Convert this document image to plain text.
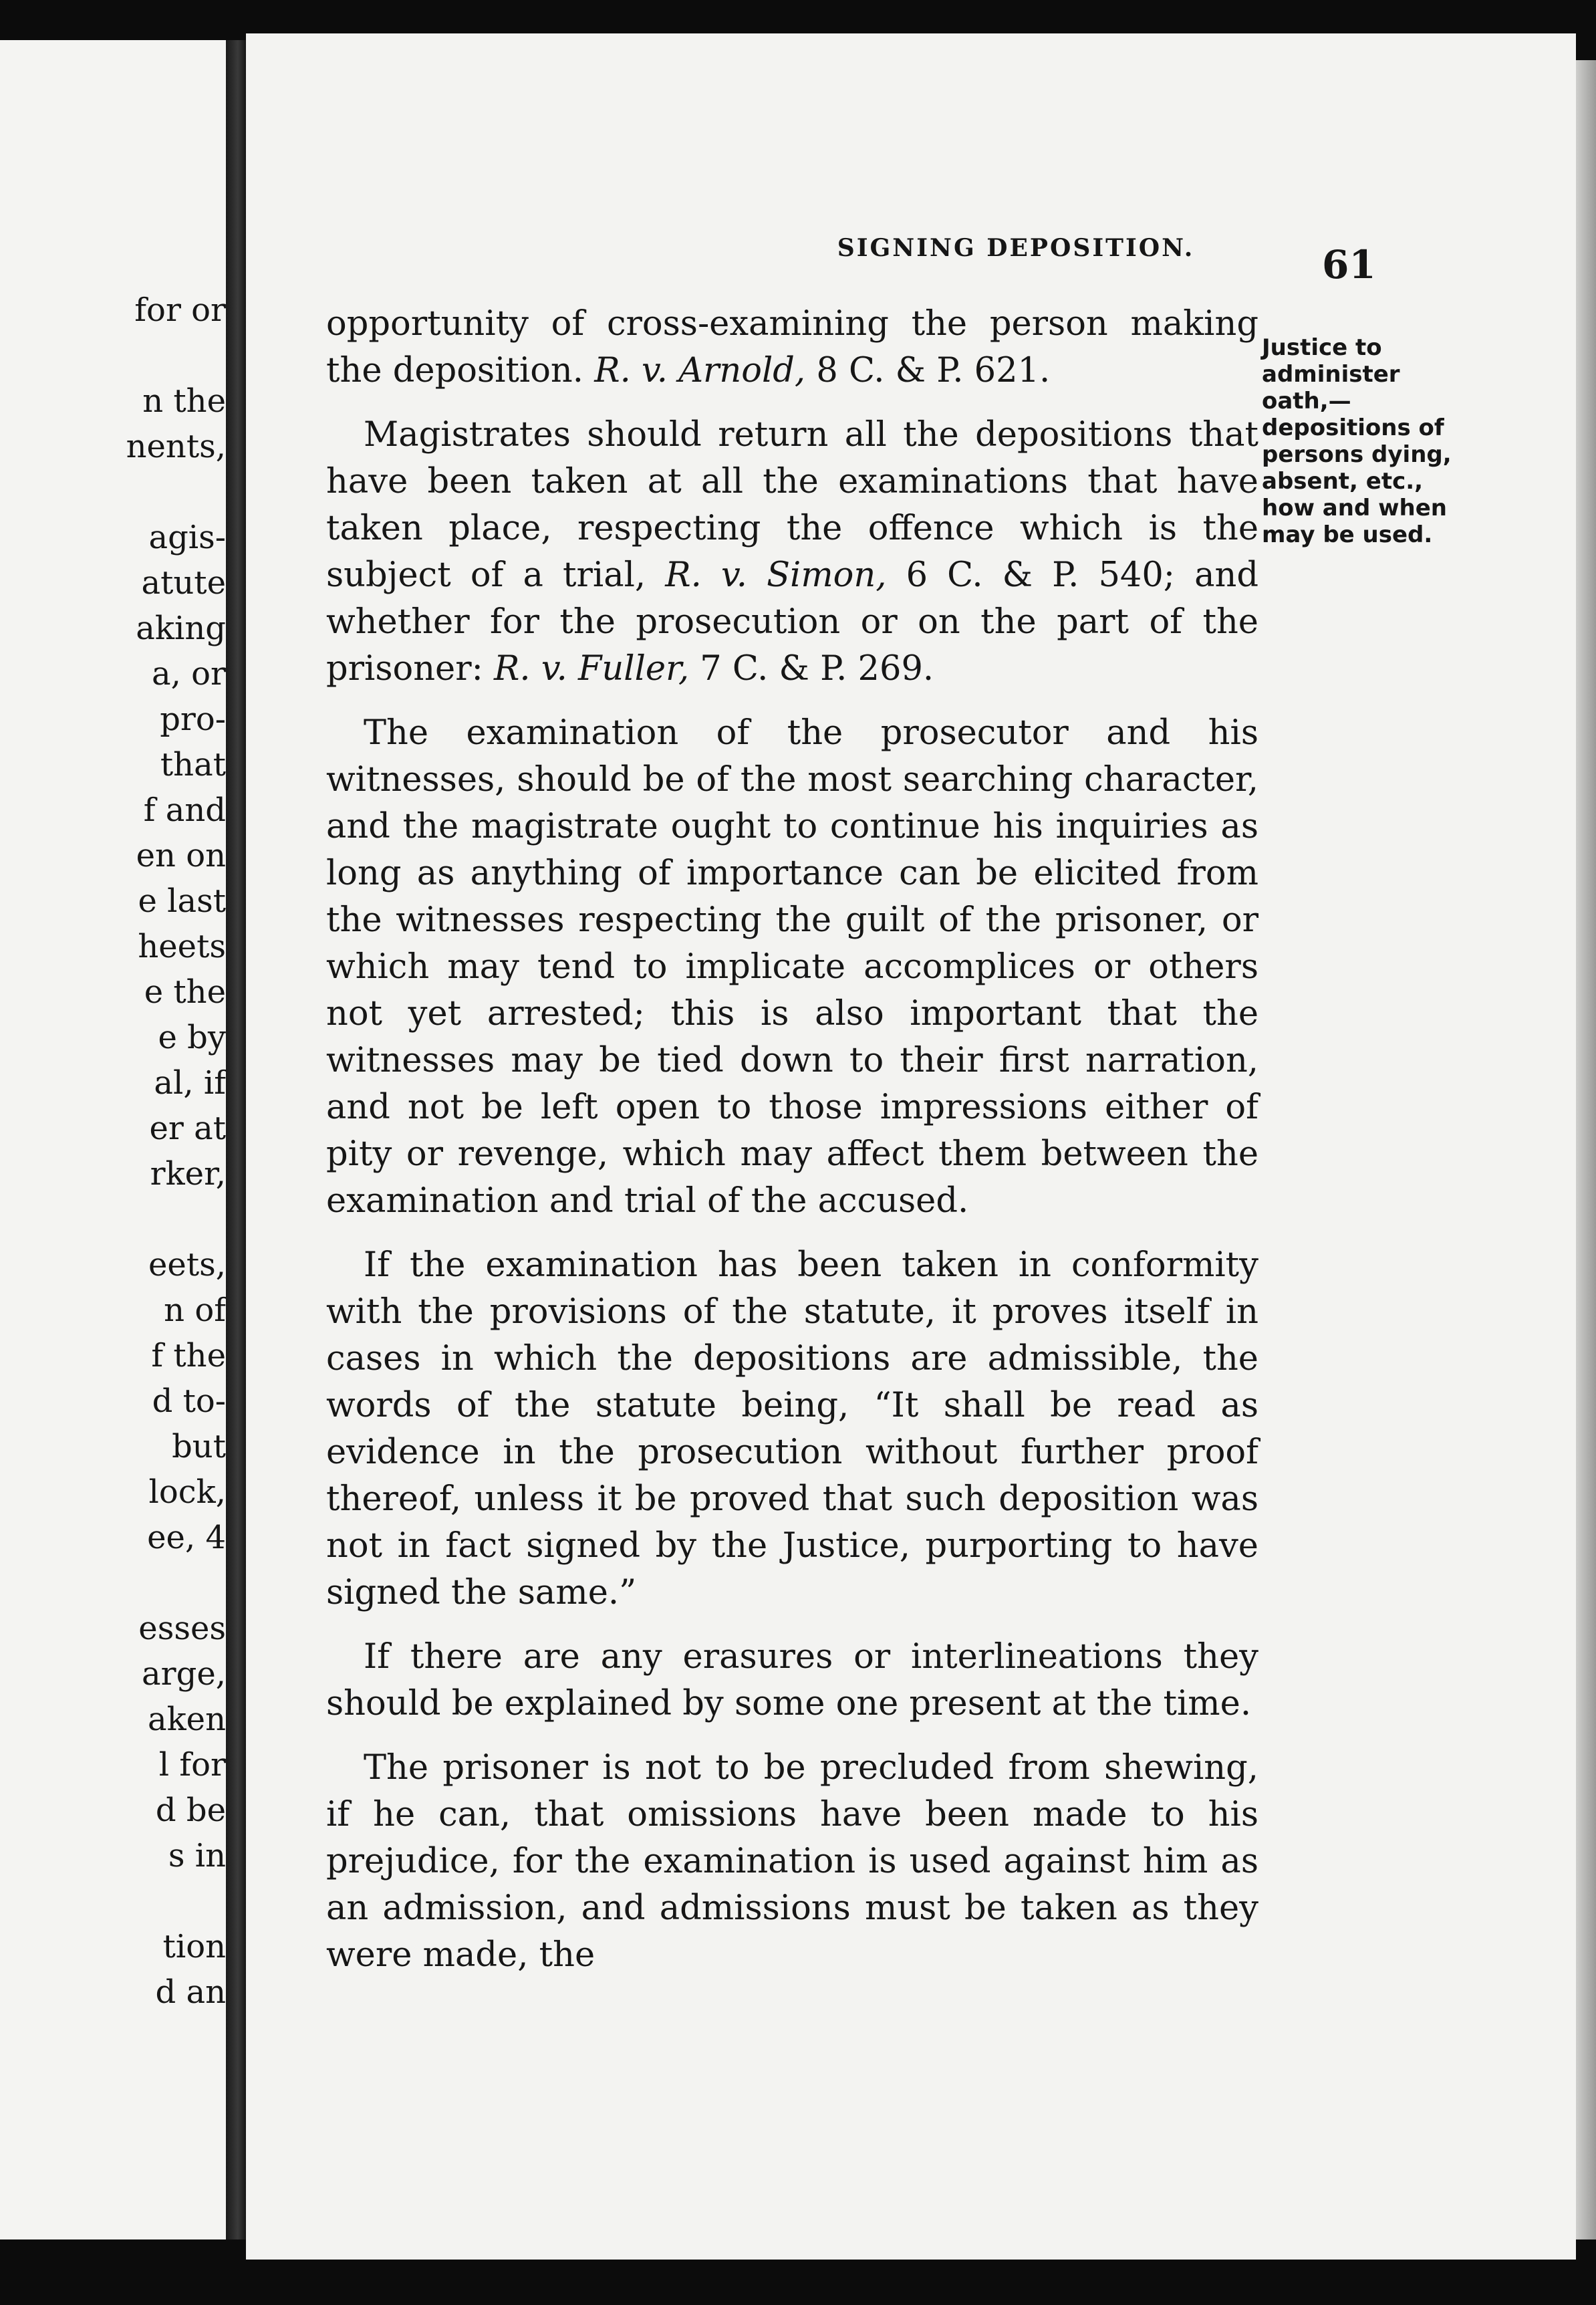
for or
n the
nents,
agis-
atute
aking
a, or
pro-
that
f and
en on
e last
heets
e the
e by
al, if
er at
rker,
eets,
n of
f the
d to-
but
lock,
ee, 4
esses
arge,
aken
l for
d be
s in
tion
d an
SIGNING DEPOSITION.	61

opportunity of cross-examining the person making the deposition. R. v. Arnold, 8 C. & P. 621.

Magistrates should return all the depositions that have been taken at all the examinations that have taken place, respecting the offence which is the subject of a trial, R. v. Simon, 6 C. & P. 540; and whether for the prosecution or on the part of the prisoner: R. v. Fuller, 7 C. & P. 269.

The examination of the prosecutor and his witnesses, should be of the most searching character, and the magistrate ought to continue his inquiries as long as anything of importance can be elicited from the witnesses respecting the guilt of the prisoner, or which may tend to implicate accomplices or others not yet arrested; this is also important that the witnesses may be tied down to their first narration, and not be left open to those impressions either of pity or revenge, which may affect them between the examination and trial of the accused.

If the examination has been taken in conformity with the provisions of the statute, it proves itself in cases in which the depositions are admissible, the words of the statute being, “It shall be read as evidence in the prosecution without further proof thereof, unless it be proved that such deposition was not in fact signed by the Justice, purporting to have signed the same.”

If there are any erasures or interlineations they should be explained by some one present at the time.

The prisoner is not to be precluded from shewing, if he can, that omissions have been made to his prejudice, for the examination is used against him as an admission, and admissions must be taken as they were made, the

Justice to administer oath,—depositions of persons dying, absent, etc., how and when may be used.
